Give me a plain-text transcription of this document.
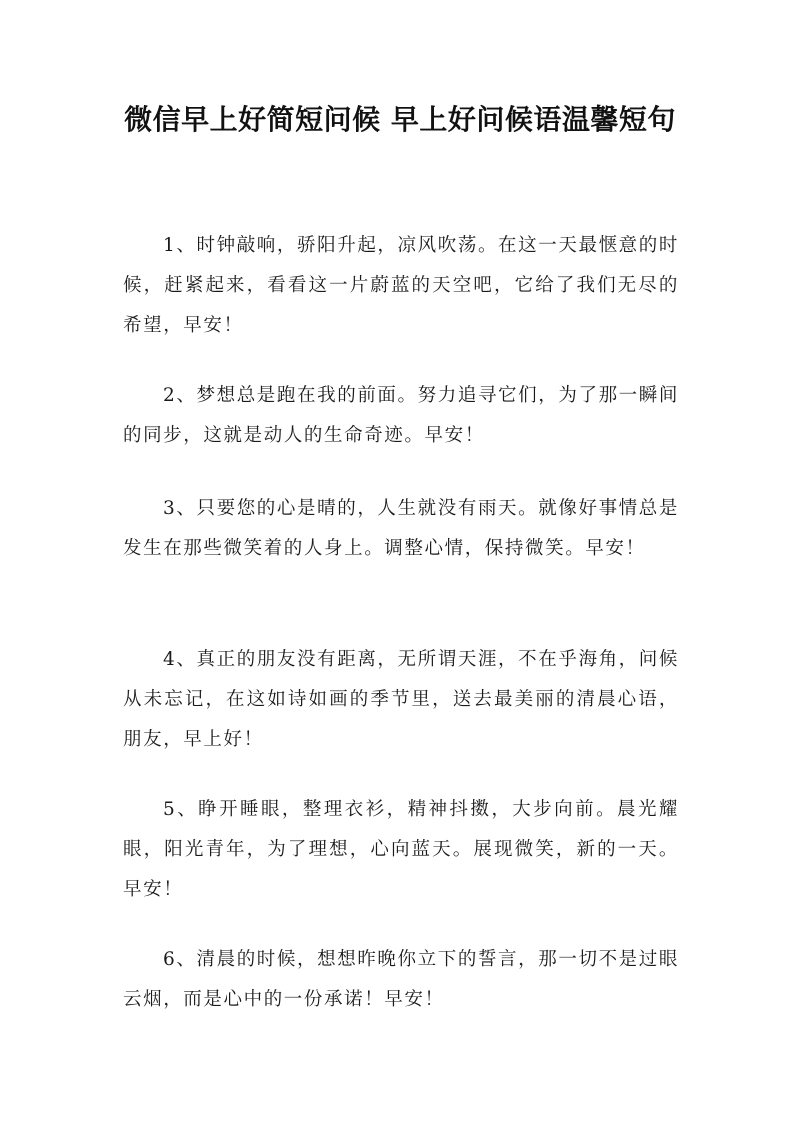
微信早上好简短问候 早上好问候语温馨短句

1、时钟敲响，骄阳升起，凉风吹荡。在这一天最惬意的时候，赶紧起来，看看这一片蔚蓝的天空吧，它给了我们无尽的希望，早安！

2、梦想总是跑在我的前面。努力追寻它们，为了那一瞬间的同步，这就是动人的生命奇迹。早安！

3、只要您的心是晴的，人生就没有雨天。就像好事情总是发生在那些微笑着的人身上。调整心情，保持微笑。早安！

4、真正的朋友没有距离，无所谓天涯，不在乎海角，问候从未忘记，在这如诗如画的季节里，送去最美丽的清晨心语，朋友，早上好！

5、睁开睡眼，整理衣衫，精神抖擞，大步向前。晨光耀眼，阳光青年，为了理想，心向蓝天。展现微笑，新的一天。早安！

6、清晨的时候，想想昨晚你立下的誓言，那一切不是过眼云烟，而是心中的一份承诺！早安！
